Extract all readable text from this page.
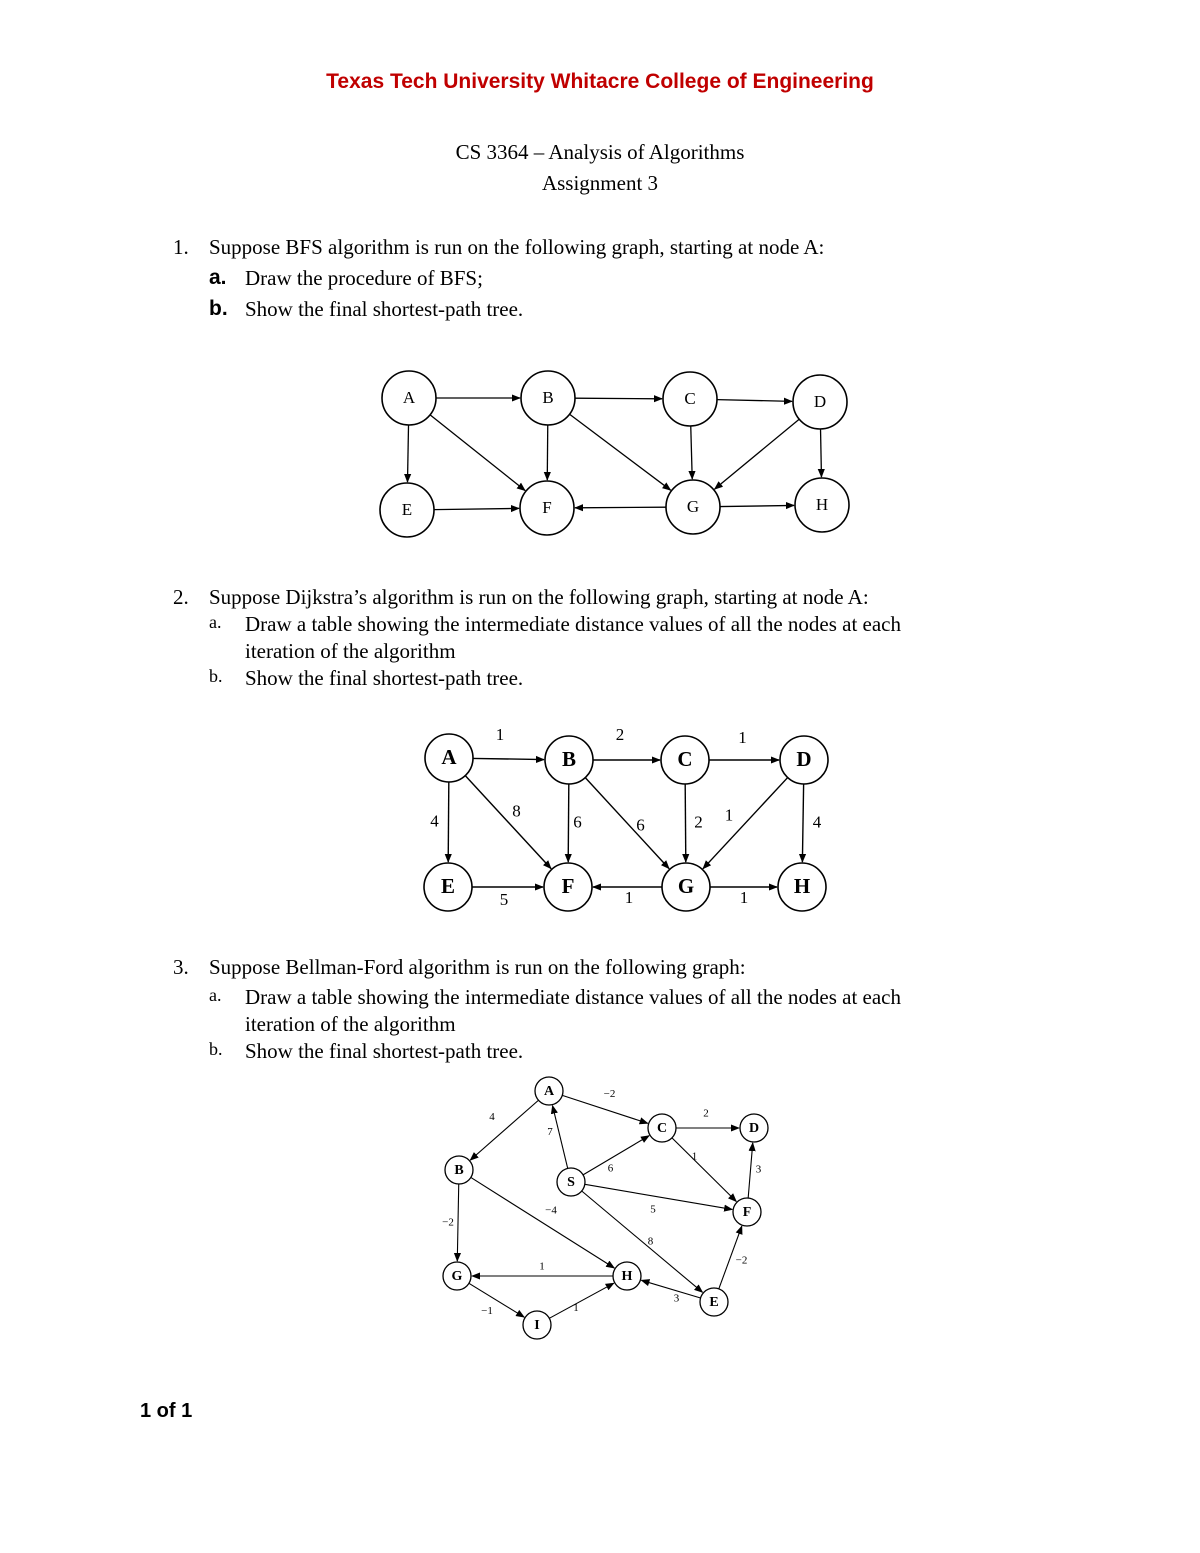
Texas Tech University Whitacre College of Engineering
CS 3364 – Analysis of Algorithms
Assignment 3
1. Suppose BFS algorithm is run on the following graph, starting at node A:
a. Draw the procedure of BFS;
b. Show the final shortest-path tree.
A	B	C	D
E	F	G	H
2. Suppose Dijkstra’s algorithm is run on the following graph, starting at node A:
a. Draw a table showing the intermediate distance values of all the nodes at each
iteration of the algorithm
b. Show the final shortest-path tree.
1	2	1
4
8
6	6	2 1	4
5	1	1
A	B	C	D
E	F	G	H
3. Suppose Bellman-Ford algorithm is run on the following graph:
a. Draw a table showing the intermediate distance values of all the nodes at each
iteration of the algorithm
b. Show the final shortest-path tree.
4
−2
7
6
2
1
5
3
−2
−4
8
−2
3
1
−1	1
A
B
C	D
S
F
G	H
I
E
1 of 1
